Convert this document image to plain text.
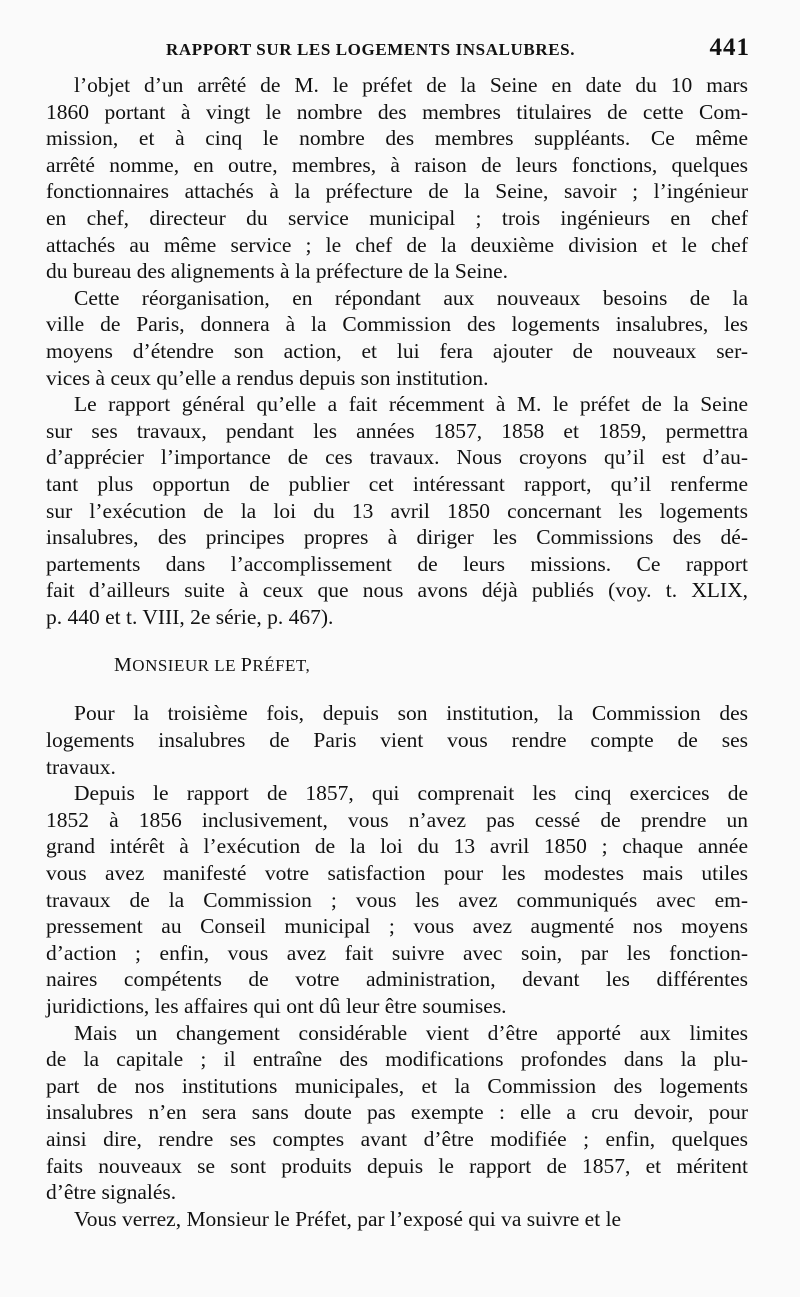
RAPPORT SUR LES LOGEMENTS INSALUBRES.	441
l’objet d’un arrêté de M. le préfet de la Seine en date du 10 mars
1860 portant à vingt le nombre des membres titulaires de cette Com-
mission, et à cinq le nombre des membres suppléants. Ce même
arrêté nomme, en outre, membres, à raison de leurs fonctions, quelques
fonctionnaires attachés à la préfecture de la Seine, savoir ; l’ingénieur
en chef, directeur du service municipal ; trois ingénieurs en chef
attachés au même service ; le chef de la deuxième division et le chef
du bureau des alignements à la préfecture de la Seine.
Cette réorganisation, en répondant aux nouveaux besoins de la
ville de Paris, donnera à la Commission des logements insalubres, les
moyens d’étendre son action, et lui fera ajouter de nouveaux ser-
vices à ceux qu’elle a rendus depuis son institution.
Le rapport général qu’elle a fait récemment à M. le préfet de la Seine
sur ses travaux, pendant les années 1857, 1858 et 1859, permettra
d’apprécier l’importance de ces travaux. Nous croyons qu’il est d’au-
tant plus opportun de publier cet intéressant rapport, qu’il renferme
sur l’exécution de la loi du 13 avril 1850 concernant les logements
insalubres, des principes propres à diriger les Commissions des dé-
partements dans l’accomplissement de leurs missions. Ce rapport
fait d’ailleurs suite à ceux que nous avons déjà publiés (voy. t. XLIX,
p. 440 et t. VIII, 2e série, p. 467).
MONSIEUR LE PRÉFET,
Pour la troisième fois, depuis son institution, la Commission des
logements insalubres de Paris vient vous rendre compte de ses
travaux.
Depuis le rapport de 1857, qui comprenait les cinq exercices de
1852 à 1856 inclusivement, vous n’avez pas cessé de prendre un
grand intérêt à l’exécution de la loi du 13 avril 1850 ; chaque année
vous avez manifesté votre satisfaction pour les modestes mais utiles
travaux de la Commission ; vous les avez communiqués avec em-
pressement au Conseil municipal ; vous avez augmenté nos moyens
d’action ; enfin, vous avez fait suivre avec soin, par les fonction-
naires compétents de votre administration, devant les différentes
juridictions, les affaires qui ont dû leur être soumises.
Mais un changement considérable vient d’être apporté aux limites
de la capitale ; il entraîne des modifications profondes dans la plu-
part de nos institutions municipales, et la Commission des logements
insalubres n’en sera sans doute pas exempte : elle a cru devoir, pour
ainsi dire, rendre ses comptes avant d’être modifiée ; enfin, quelques
faits nouveaux se sont produits depuis le rapport de 1857, et méritent
d’être signalés.
Vous verrez, Monsieur le Préfet, par l’exposé qui va suivre et le
